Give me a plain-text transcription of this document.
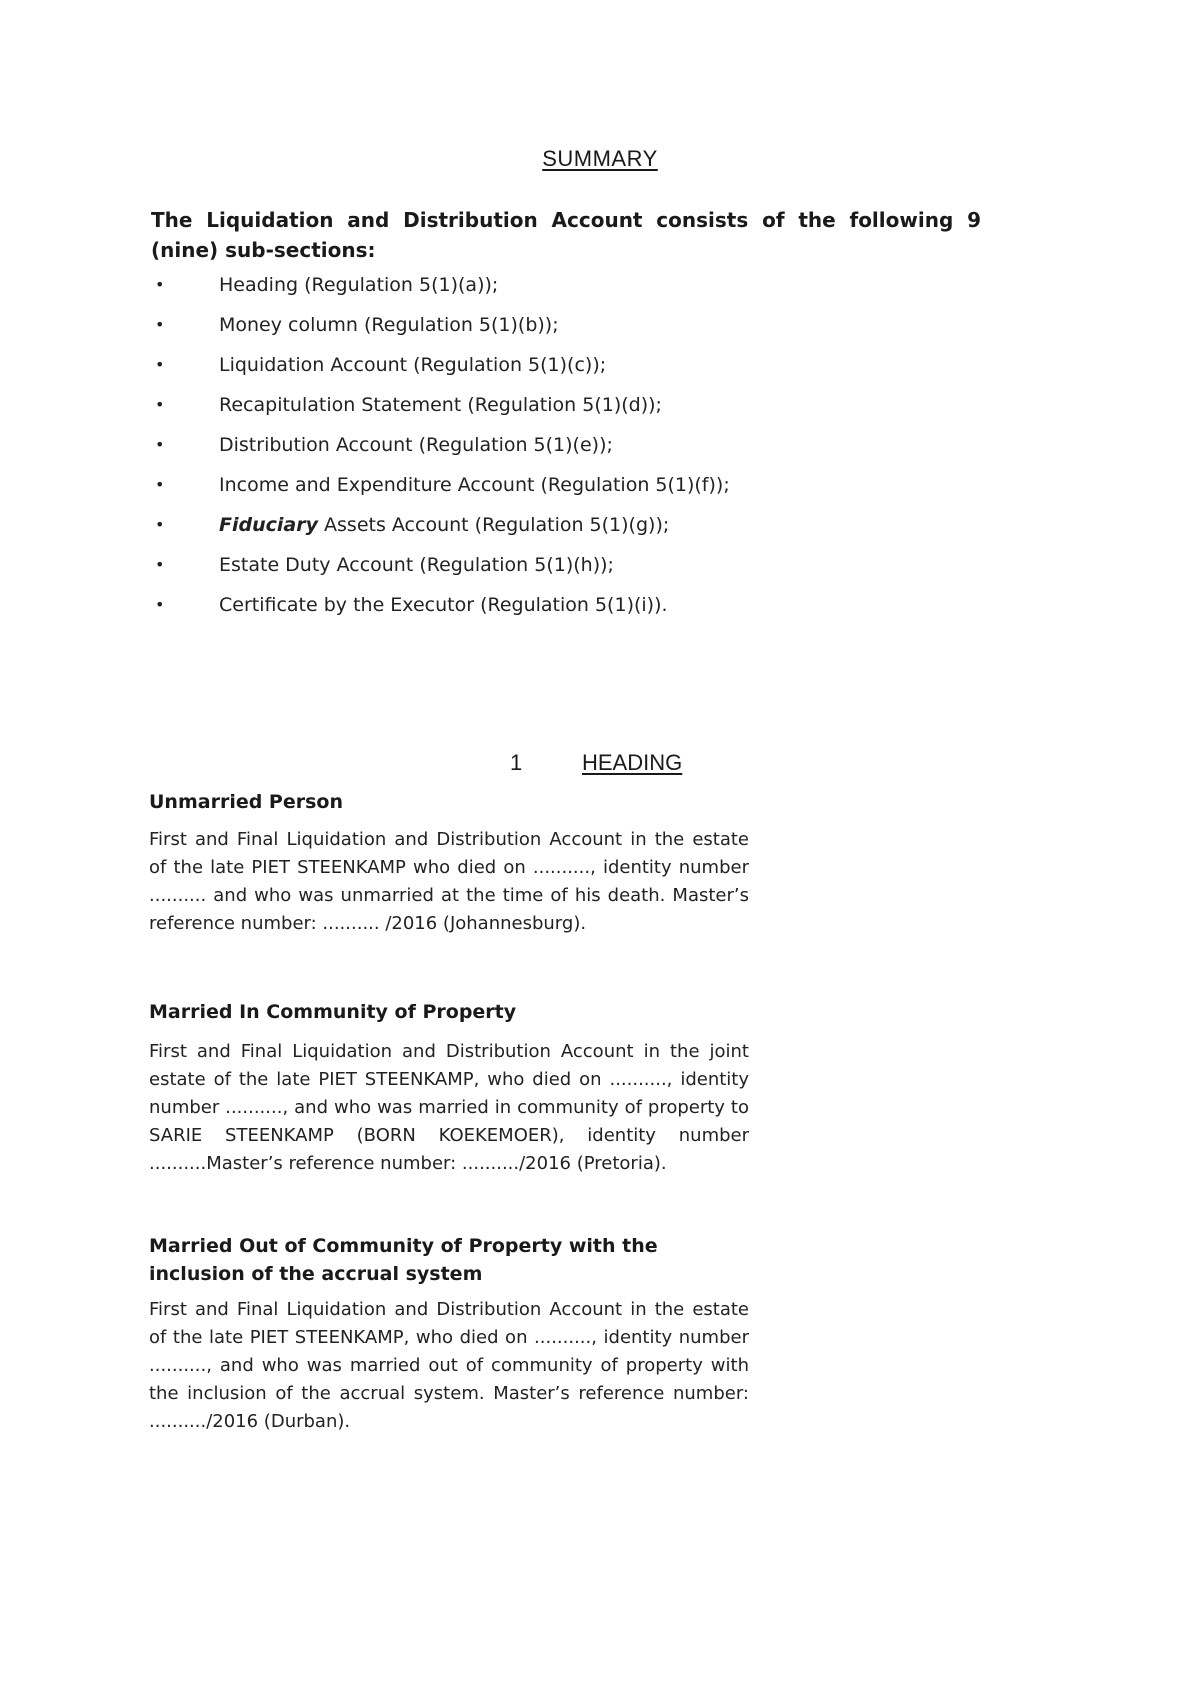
SUMMARY

The Liquidation and Distribution Account consists of the following 9 (nine) sub-sections:

•	Heading (Regulation 5(1)(a));
•	Money column (Regulation 5(1)(b));
•	Liquidation Account (Regulation 5(1)(c));
•	Recapitulation Statement (Regulation 5(1)(d));
•	Distribution Account (Regulation 5(1)(e));
•	Income and Expenditure Account (Regulation 5(1)(f));
•	Fiduciary Assets Account (Regulation 5(1)(g));
•	Estate Duty Account (Regulation 5(1)(h));
•	Certificate by the Executor (Regulation 5(1)(i)).
1	HEADING
Unmarried Person

First and Final Liquidation and Distribution Account in the estate of the late PIET STEENKAMP who died on .........., identity number .......... and who was unmarried at the time of his death. Master’s reference number: .......... /2016 (Johannesburg).

Married In Community of Property

First and Final Liquidation and Distribution Account in the joint estate of the late PIET STEENKAMP, who died on .........., identity number .........., and who was married in community of property to SARIE STEENKAMP (BORN KOEKEMOER), identity number ..........Master’s reference number: ........../2016 (Pretoria).

Married Out of Community of Property with the inclusion of the accrual system

First and Final Liquidation and Distribution Account in the estate of the late PIET STEENKAMP, who died on .........., identity number .........., and who was married out of community of property with the inclusion of the accrual system. Master’s reference number: ........../2016 (Durban).
